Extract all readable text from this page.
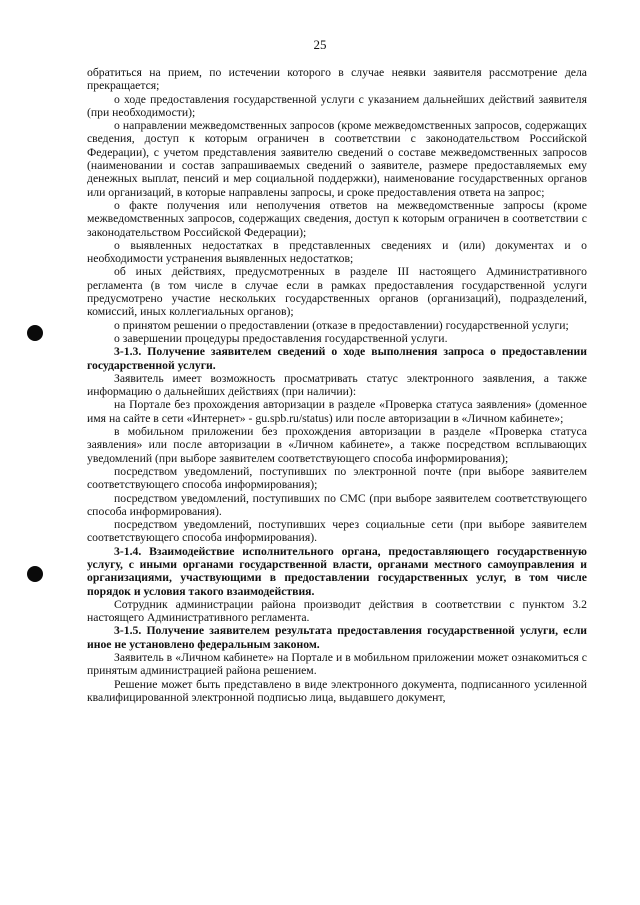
25

обратиться на прием, по истечении которого в случае неявки заявителя рассмотрение дела прекращается;

о ходе предоставления государственной услуги с указанием дальнейших действий заявителя (при необходимости);

о направлении межведомственных запросов (кроме межведомственных запросов, содержащих сведения, доступ к которым ограничен в соответствии с законодательством Российской Федерации), с учетом представления заявителю сведений о составе межведомственных запросов (наименовании и состав запрашиваемых сведений о заявителе, размере предоставляемых ему денежных выплат, пенсий и мер социальной поддержки), наименование государственных органов или организаций, в которые направлены запросы, и сроке предоставления ответа на запрос;

о факте получения или неполучения ответов на межведомственные запросы (кроме межведомственных запросов, содержащих сведения, доступ к которым ограничен в соответствии с законодательством Российской Федерации);

о выявленных недостатках в представленных сведениях и (или) документах и о необходимости устранения выявленных недостатков;

об иных действиях, предусмотренных в разделе III настоящего Административного регламента (в том числе в случае если в рамках предоставления государственной услуги предусмотрено участие нескольких государственных органов (организаций), подразделений, комиссий, иных коллегиальных органов);

о принятом решении о предоставлении (отказе в предоставлении) государственной услуги;

о завершении процедуры предоставления государственной услуги.

3-1.3. Получение заявителем сведений о ходе выполнения запроса о предоставлении государственной услуги.

Заявитель имеет возможность просматривать статус электронного заявления, а также информацию о дальнейших действиях (при наличии):

на Портале без прохождения авторизации в разделе «Проверка статуса заявления» (доменное имя на сайте в сети «Интернет» - gu.spb.ru/status) или после авторизации в «Личном кабинете»;

в мобильном приложении без прохождения авторизации в разделе «Проверка статуса заявления» или после авторизации в «Личном кабинете», а также посредством всплывающих уведомлений (при выборе заявителем соответствующего способа информирования);

посредством уведомлений, поступивших по электронной почте (при выборе заявителем соответствующего способа информирования);

посредством уведомлений, поступивших по СМС (при выборе заявителем соответствующего способа информирования).

посредством уведомлений, поступивших через социальные сети (при выборе заявителем соответствующего способа информирования).

3-1.4. Взаимодействие исполнительного органа, предоставляющего государственную услугу, с иными органами государственной власти, органами местного самоуправления и организациями, участвующими в предоставлении государственных услуг, в том числе порядок и условия такого взаимодействия.

Сотрудник администрации района производит действия в соответствии с пунктом 3.2 настоящего Административного регламента.

3-1.5. Получение заявителем результата предоставления государственной услуги, если иное не установлено федеральным законом.

Заявитель в «Личном кабинете» на Портале и в мобильном приложении может ознакомиться с принятым администрацией района решением.

Решение может быть представлено в виде электронного документа, подписанного усиленной квалифицированной электронной подписью лица, выдавшего документ,
